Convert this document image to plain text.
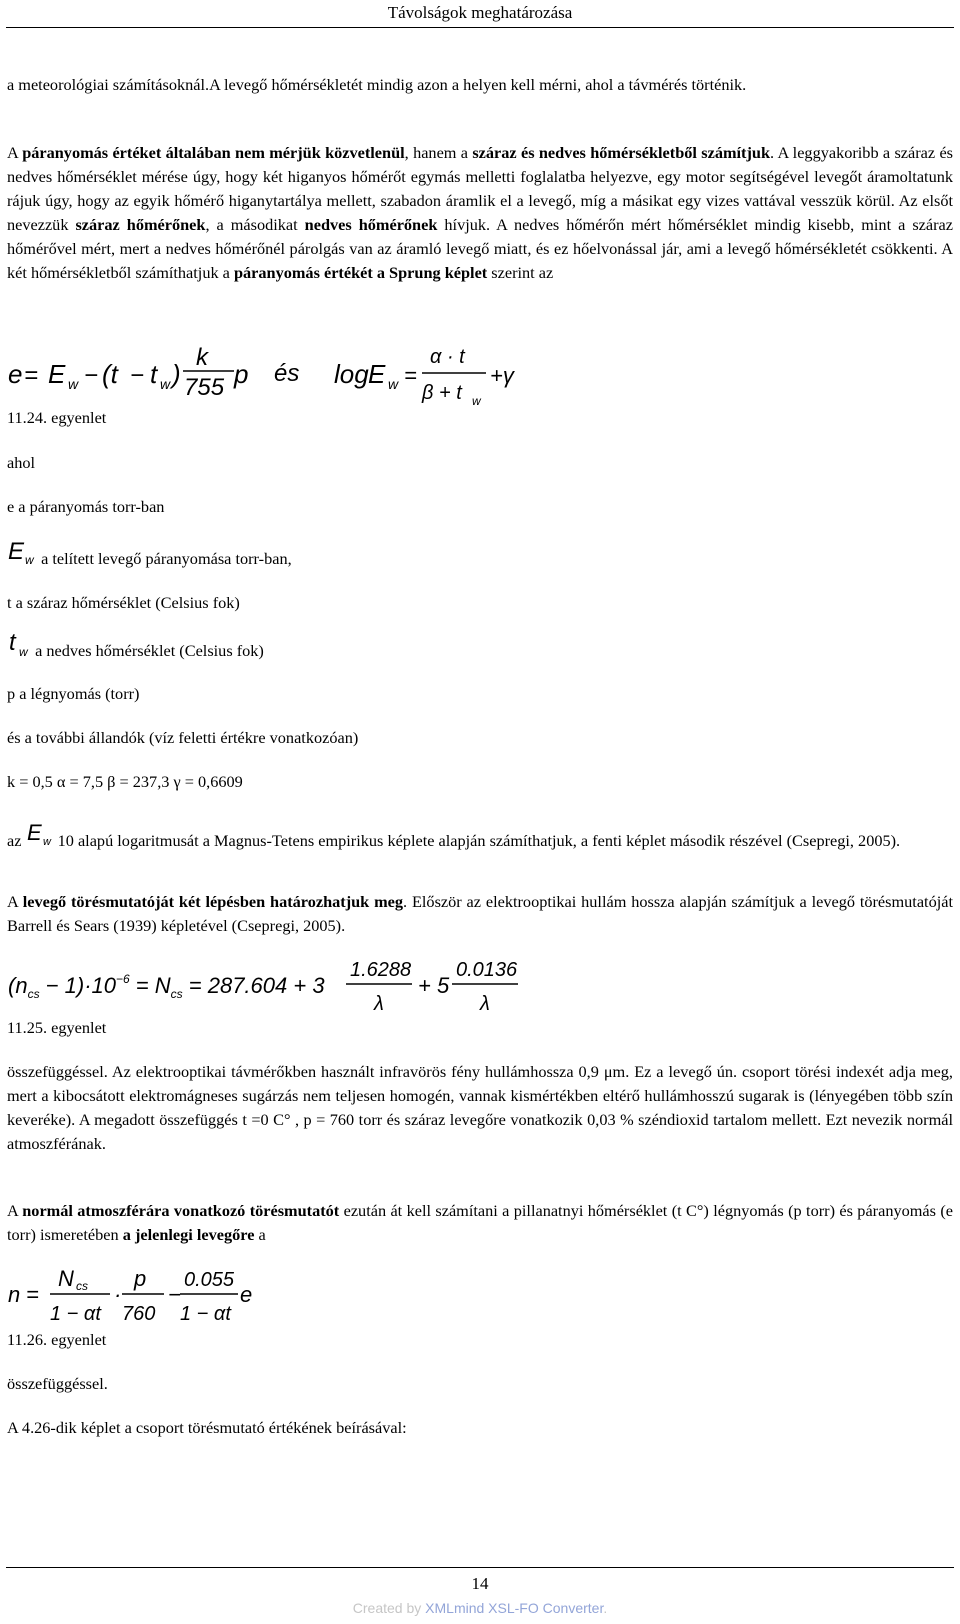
Távolságok meghatározása

a meteorológiai számításoknál.A levegő hőmérsékletét mindig azon a helyen kell mérni, ahol a távmérés történik.

A páranyomás értéket általában nem mérjük közvetlenül, hanem a száraz és nedves hőmérsékletből számítjuk. A leggyakoribb a száraz és nedves hőmérséklet mérése úgy, hogy két higanyos hőmérőt egymás melletti foglalatba helyezve, egy motor segítségével levegőt áramoltatunk rájuk úgy, hogy az egyik hőmérő higanytartálya mellett, szabadon áramlik el a levegő, míg a másikat egy vizes vattával vesszük körül. Az elsőt nevezzük száraz hőmérőnek, a másodikat nedves hőmérőnek hívjuk. A nedves hőmérőn mért hőmérséklet mindig kisebb, mint a száraz hőmérővel mért, mert a nedves hőmérőnél párolgás van az áramló levegő miatt, és ez hőelvonással jár, ami a levegő hőmérsékletét csökkenti. A két hőmérsékletből számíthatjuk a páranyomás értékét a Sprung képlet szerint az

e = E w − (t − t w )
k
755 p és log E w =
α · t
β + t w
+γ

11.24. egyenlet

ahol

e a páranyomás torr-ban

E w a telített levegő páranyomása torr-ban,

t a száraz hőmérséklet (Celsius fok)

t w a nedves hőmérséklet (Celsius fok)

p a légnyomás (torr)

és a további állandók (víz feletti értékre vonatkozóan)

k = 0,5 α = 7,5 β = 237,3 γ = 0,6609

az E w 10 alapú logaritmusát a Magnus-Tetens empirikus képlete alapján számíthatjuk, a fenti képlet második részével (Csepregi, 2005).

A levegő törésmutatóját két lépésben határozhatjuk meg. Először az elektrooptikai hullám hossza alapján számítjuk a levegő törésmutatóját Barrell és Sears (1939) képletével (Csepregi, 2005).

$(n_{cs} - 1)\cdot 10^{-6} = N_{cs} = 287.604 + 3$
1.6288
λ
+ 5
0.0136
λ

11.25. egyenlet

összefüggéssel. Az elektrooptikai távmérőkben használt infravörös fény hullámhossza 0,9 μm. Ez a levegő ún. csoport törési indexét adja meg, mert a kibocsátott elektromágneses sugárzás nem teljesen homogén, vannak kismértékben eltérő hullámhosszú sugarak is (lényegében több szín keveréke). A megadott összefüggés t =0 C° , p = 760 torr és száraz levegőre vonatkozik 0,03 % széndioxid tartalom mellett. Ezt nevezik normál atmoszférának.

A normál atmoszférára vonatkozó törésmutatót ezután át kell számítani a pillanatnyi hőmérséklet (t C°) légnyomás (p torr) és páranyomás (e torr) ismeretében a jelenlegi levegőre a

n =
N cs
1 − αt
·
p
760
−
0.055
1 − αt
e

11.26. egyenlet

összefüggéssel.

A 4.26-dik képlet a csoport törésmutató értékének beírásával:

14
Created by XMLmind XSL-FO Converter.
